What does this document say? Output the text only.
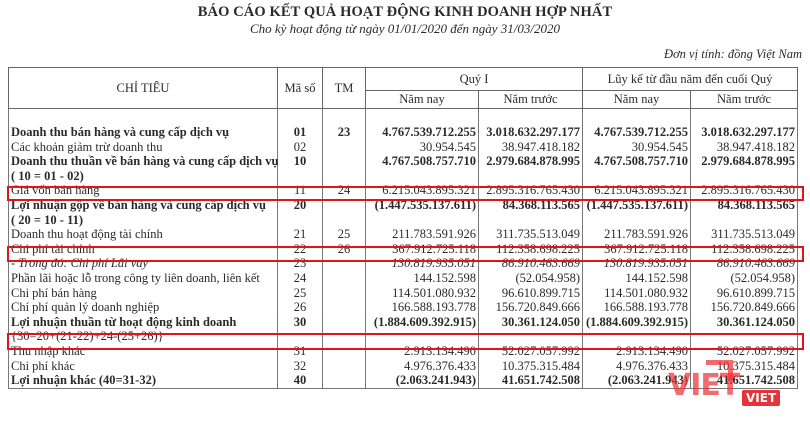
BÁO CÁO KẾT QUẢ HOẠT ĐỘNG KINH DOANH HỢP NHẤT
Cho kỳ hoạt động từ ngày 01/01/2020 đến ngày 31/03/2020
Đơn vị tính: đồng Việt Nam
CHỈ TIÊU	Mã số	TM	Quý I		Lũy kế từ đầu năm đến cuối Quý	
			Năm nay	Năm trước	Năm nay	Năm trước

Doanh thu bán hàng và cung cấp dịch vụ	01	23	4.767.539.712.255	3.018.632.297.177	4.767.539.712.255	3.018.632.297.177
Các khoản giảm trừ doanh thu	02		30.954.545	38.947.418.182	30.954.545	38.947.418.182
Doanh thu thuần về bán hàng và cung cấp dịch vụ	10		4.767.508.757.710	2.979.684.878.995	4.767.508.757.710	2.979.684.878.995
( 10 = 01 - 02)						
Giá vốn bán hàng	11	24	6.215.043.895.321	2.895.316.765.430	6.215.043.895.321	2.895.316.765.430
Lợi nhuận gộp về bán hàng và cung cấp dịch vụ	20		(1.447.535.137.611)	84.368.113.565	(1.447.535.137.611)	84.368.113.565
( 20 = 10 - 11)						
Doanh thu hoạt động tài chính	21	25	211.783.591.926	311.735.513.049	211.783.591.926	311.735.513.049
Chi phí tài chính	22	26	367.912.725.118	112.358.698.225	367.912.725.118	112.358.698.225
- Trong đó: Chi phí Lãi vay	23		130.819.935.051	86.910.463.669	130.819.935.051	86.910.463.669
Phần lãi hoặc lỗ trong công ty liên doanh, liên kết	24		144.152.598	(52.054.958)	144.152.598	(52.054.958)
Chi phí bán hàng	25		114.501.080.932	96.610.899.715	114.501.080.932	96.610.899.715
Chí phí quản lý doanh nghiệp	26		166.588.193.778	156.720.849.666	166.588.193.778	156.720.849.666
Lợi nhuận thuần từ hoạt động kinh doanh	30		(1.884.609.392.915)	30.361.124.050	(1.884.609.392.915)	30.361.124.050
{30=20+(21-22)+24-(25+26)}						
Thu nhập khác	31		2.913.134.490	52.027.057.992	2.913.134.490	52.027.057.992
Chi phí khác	32		4.976.376.433	10.375.315.484	4.976.376.433	10.375.315.484
Lợi nhuận khác (40=31-32)	40		(2.063.241.943)	41.651.742.508	(2.063.241.943)	41.651.742.508
VIET VIET
